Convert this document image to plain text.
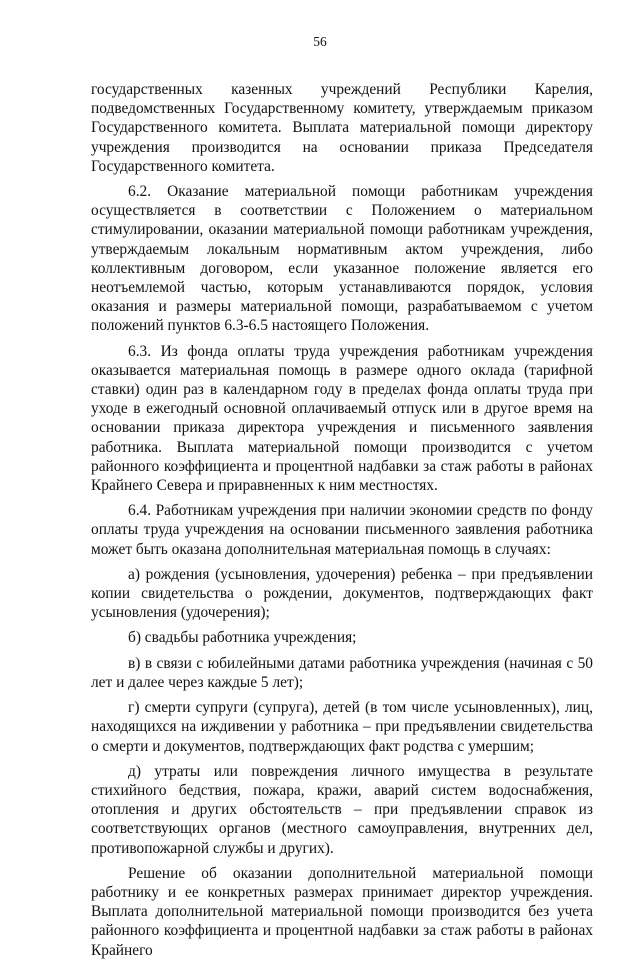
56

государственных казенных учреждений Республики Карелия, подведомственных Государственному комитету, утверждаемым приказом Государственного комитета. Выплата материальной помощи директору учреждения производится на основании приказа Председателя Государственного комитета.

6.2. Оказание материальной помощи работникам учреждения осуществляется в соответствии с Положением о материальном стимулировании, оказании материальной помощи работникам учреждения, утверждаемым локальным нормативным актом учреждения, либо коллективным договором, если указанное положение является его неотъемлемой частью, которым устанавливаются порядок, условия оказания и размеры материальной помощи, разрабатываемом с учетом положений пунктов 6.3-6.5 настоящего Положения.

6.3. Из фонда оплаты труда учреждения работникам учреждения оказывается материальная помощь в размере одного оклада (тарифной ставки) один раз в календарном году в пределах фонда оплаты труда при уходе в ежегодный основной оплачиваемый отпуск или в другое время на основании приказа директора учреждения и письменного заявления работника. Выплата материальной помощи производится с учетом районного коэффициента и процентной надбавки за стаж работы в районах Крайнего Севера и приравненных к ним местностях.

6.4. Работникам учреждения при наличии экономии средств по фонду оплаты труда учреждения на основании письменного заявления работника может быть оказана дополнительная материальная помощь в случаях:

а) рождения (усыновления, удочерения) ребенка – при предъявлении копии свидетельства о рождении, документов, подтверждающих факт усыновления (удочерения);

б) свадьбы работника учреждения;

в) в связи с юбилейными датами работника учреждения (начиная с 50 лет и далее через каждые 5 лет);

г) смерти супруги (супруга), детей (в том числе усыновленных), лиц, находящихся на иждивении у работника – при предъявлении свидетельства о смерти и документов, подтверждающих факт родства с умершим;

д) утраты или повреждения личного имущества в результате стихийного бедствия, пожара, кражи, аварий систем водоснабжения, отопления и других обстоятельств – при предъявлении справок из соответствующих органов (местного самоуправления, внутренних дел, противопожарной службы и других).

Решение об оказании дополнительной материальной помощи работнику и ее конкретных размерах принимает директор учреждения. Выплата дополнительной материальной помощи производится без учета районного коэффициента и процентной надбавки за стаж работы в районах Крайнего
